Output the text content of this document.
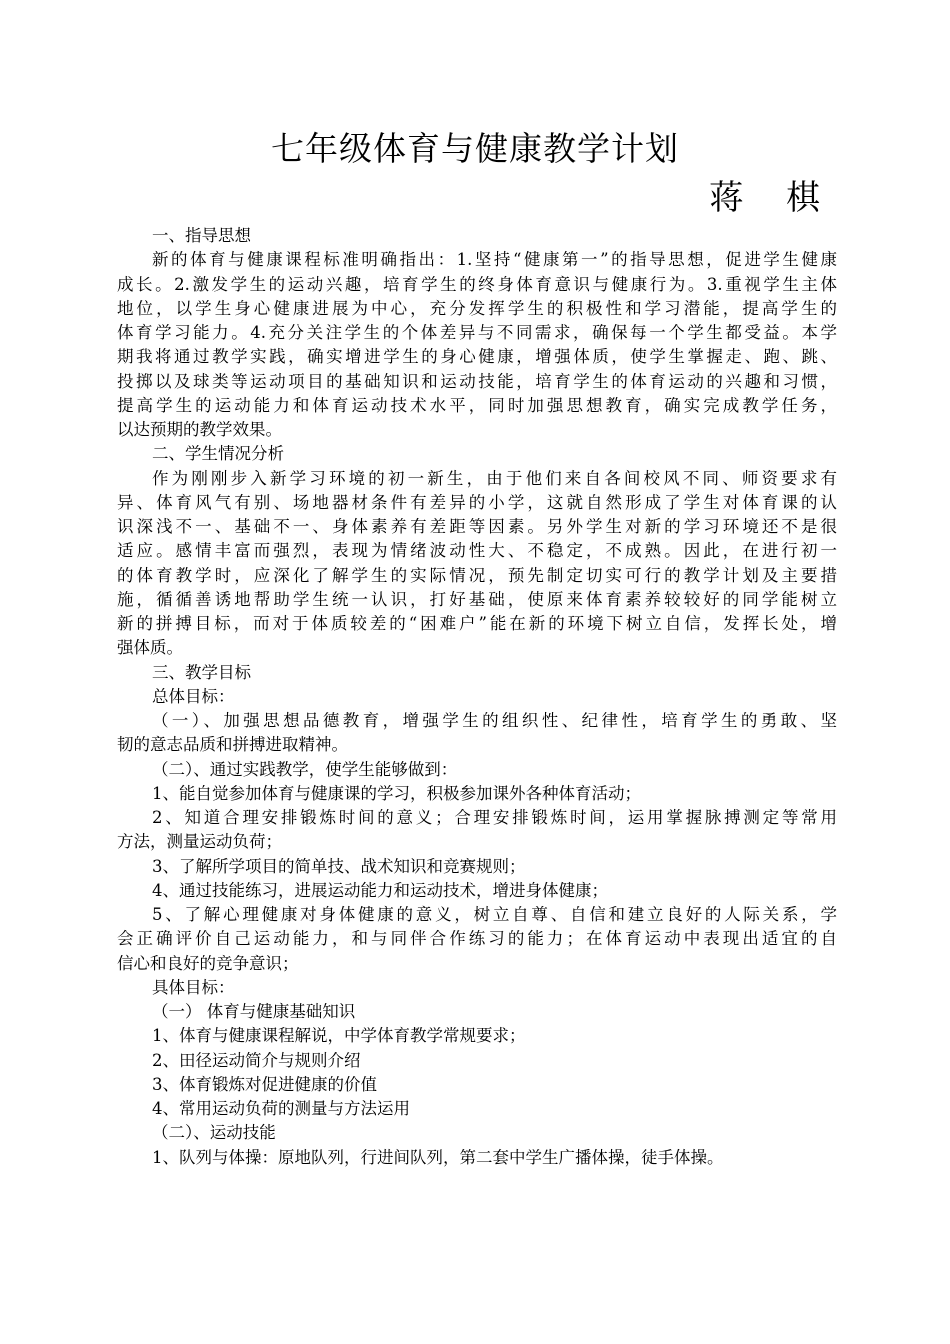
七年级体育与健康教学计划
蒋 棋
一、指导思想
新的体育与健康课程标准明确指出：1.坚持“健康第一”的指导思想，促进学生健康
成长。2.激发学生的运动兴趣，培育学生的终身体育意识与健康行为。3.重视学生主体
地位，以学生身心健康进展为中心，充分发挥学生的积极性和学习潜能，提高学生的
体育学习能力。4.充分关注学生的个体差异与不同需求，确保每一个学生都受益。本学
期我将通过教学实践，确实增进学生的身心健康，增强体质，使学生掌握走、跑、跳、
投掷以及球类等运动项目的基础知识和运动技能，培育学生的体育运动的兴趣和习惯，
提高学生的运动能力和体育运动技术水平，同时加强思想教育，确实完成教学任务，
以达预期的教学效果。
二、学生情况分析
作为刚刚步入新学习环境的初一新生，由于他们来自各间校风不同、师资要求有
异、体育风气有别、场地器材条件有差异的小学，这就自然形成了学生对体育课的认
识深浅不一、基础不一、身体素养有差距等因素。另外学生对新的学习环境还不是很
适应。感情丰富而强烈，表现为情绪波动性大、不稳定，不成熟。因此，在进行初一
的体育教学时，应深化了解学生的实际情况，预先制定切实可行的教学计划及主要措
施，循循善诱地帮助学生统一认识，打好基础，使原来体育素养较较好的同学能树立
新的拼搏目标，而对于体质较差的“困难户”能在新的环境下树立自信，发挥长处，增
强体质。
三、教学目标
总体目标：
（一）、加强思想品德教育，增强学生的组织性、纪律性，培育学生的勇敢、坚
韧的意志品质和拼搏进取精神。
（二）、通过实践教学，使学生能够做到：
1、能自觉参加体育与健康课的学习，积极参加课外各种体育活动；
2、知道合理安排锻炼时间的意义；合理安排锻炼时间，运用掌握脉搏测定等常用
方法，测量运动负荷；
3、了解所学项目的简单技、战术知识和竞赛规则；
4、通过技能练习，进展运动能力和运动技术，增进身体健康；
5、了解心理健康对身体健康的意义，树立自尊、自信和建立良好的人际关系，学
会正确评价自己运动能力，和与同伴合作练习的能力；在体育运动中表现出适宜的自
信心和良好的竞争意识；
具体目标：
（一） 体育与健康基础知识
1、体育与健康课程解说，中学体育教学常规要求；
2、田径运动简介与规则介绍
3、体育锻炼对促进健康的价值
4、常用运动负荷的测量与方法运用
（二）、运动技能
1、队列与体操：原地队列，行进间队列，第二套中学生广播体操，徒手体操。
